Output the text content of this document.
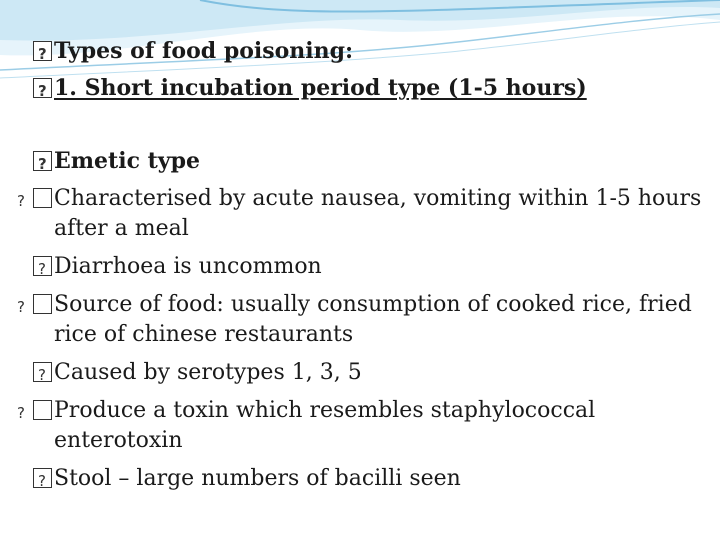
?Types of food poisoning:
?1. Short incubation period type (1-5 hours)
?Emetic type
?Characterised by acute nausea, vomiting within 1-5 hours after a meal
?Diarrhoea is uncommon
?Source of food: usually consumption of cooked rice, fried rice of chinese restaurants
?Caused by serotypes 1, 3, 5
?Produce a toxin which resembles staphylococcal enterotoxin
?Stool – large numbers of bacilli seen
